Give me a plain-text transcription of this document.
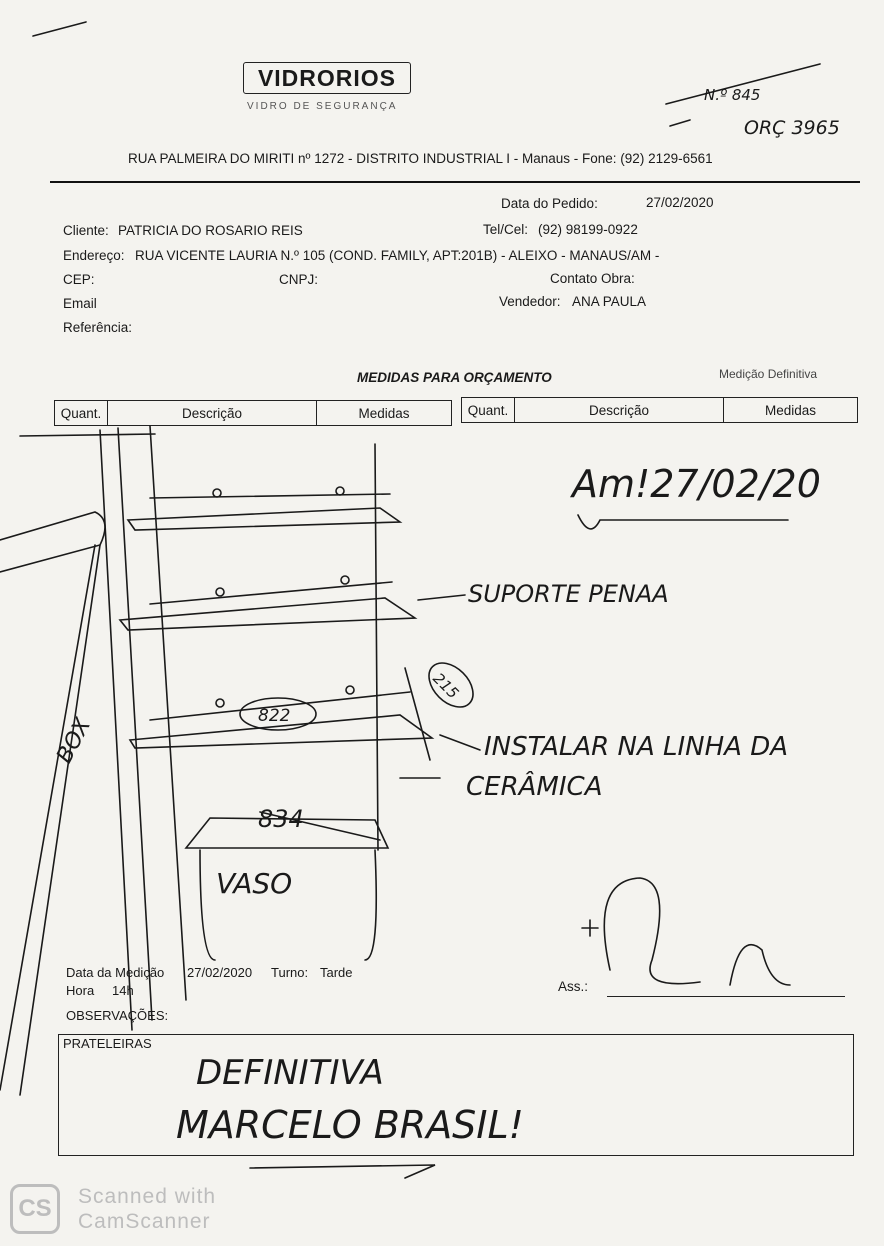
VIDRORIOS
VIDRO DE SEGURANÇA
RUA PALMEIRA DO MIRITI nº 1272 - DISTRITO INDUSTRIAL I - Manaus - Fone: (92) 2129-6561
Data do Pedido:	27/02/2020
Cliente: PATRICIA DO ROSARIO REIS	Tel/Cel: (92) 98199-0922
Endereço: RUA VICENTE LAURIA N.º 105 (COND. FAMILY, APT:201B) - ALEIXO - MANAUS/AM -
CEP:	CNPJ:	Contato Obra:
Email	Vendedor: ANA PAULA
Referência:
MEDIDAS PARA ORÇAMENTO	Medição Definitiva
Quant.	Descrição	Medidas	Quant.	Descrição	Medidas
Data da Medição 27/02/2020 Turno: Tarde
Hora 14h	Ass.:
OBSERVAÇÕES:
PRATELEIRAS
N.º 845
ORÇ 3965
Am!27/02/20
SUPORTE PENAA
215
822
INSTALAR NA LINHA DA
CERÂMICA
834
VASO
BOX
DEFINITIVA
MARCELO BRASIL!
CS	Scanned with
CamScanner
